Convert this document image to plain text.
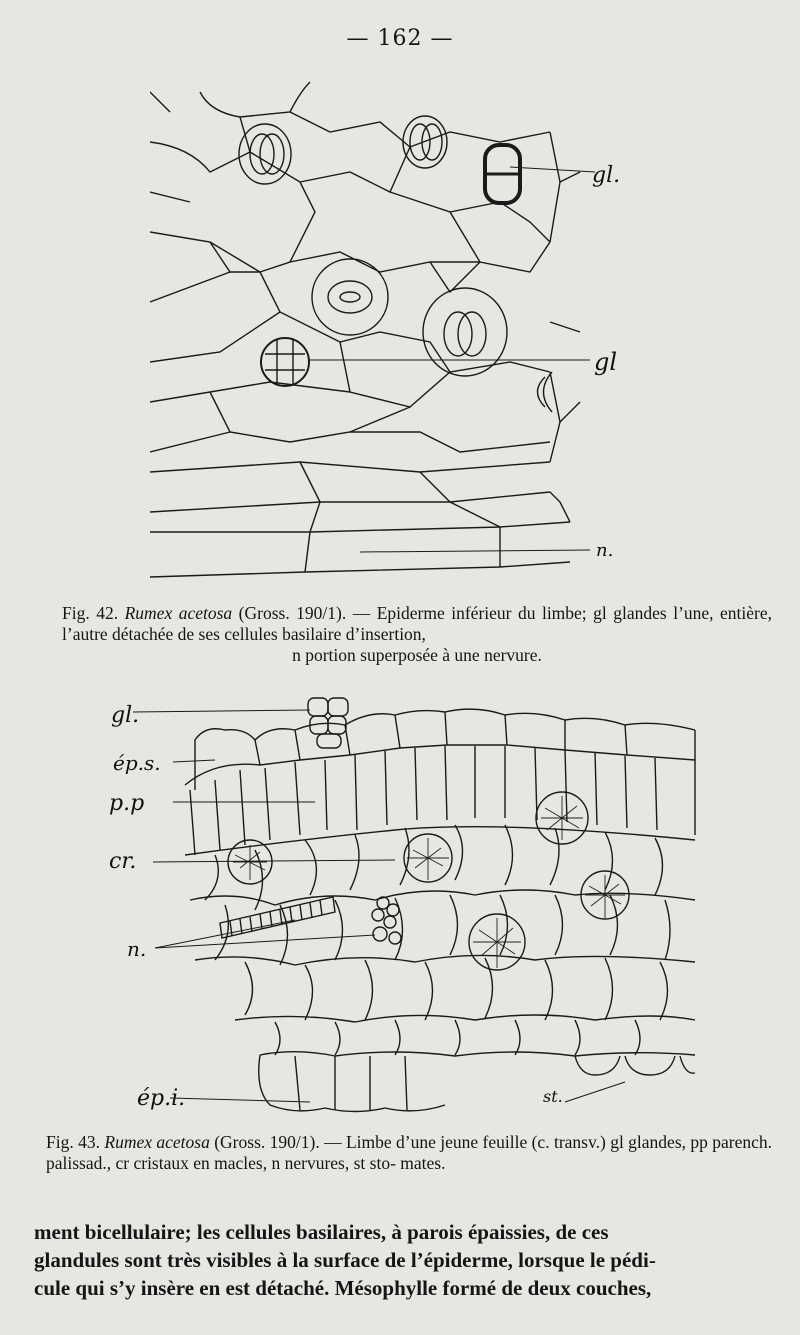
— 162 —
gl.
gl
n.
Fig. 42. Rumex acetosa (Gross. 190/1). — Epiderme inférieur du limbe; gl glandes l’une, entière, l’autre détachée de ses cellules basilaire d’insertion,
n portion superposée à une nervure.
gl.
ép.s.
p.p
cr.
n.
ép.i.	st.
Fig. 43. Rumex acetosa (Gross. 190/1). — Limbe d’une jeune feuille (c. transv.) gl glandes, pp parench. palissad., cr cristaux en macles, n nervures, st sto- mates.
ment bicellulaire; les cellules basilaires, à parois épaissies, de ces
glandules sont très visibles à la surface de l’épiderme, lorsque le pédi-
cule qui s’y insère en est détaché. Mésophylle formé de deux couches,
